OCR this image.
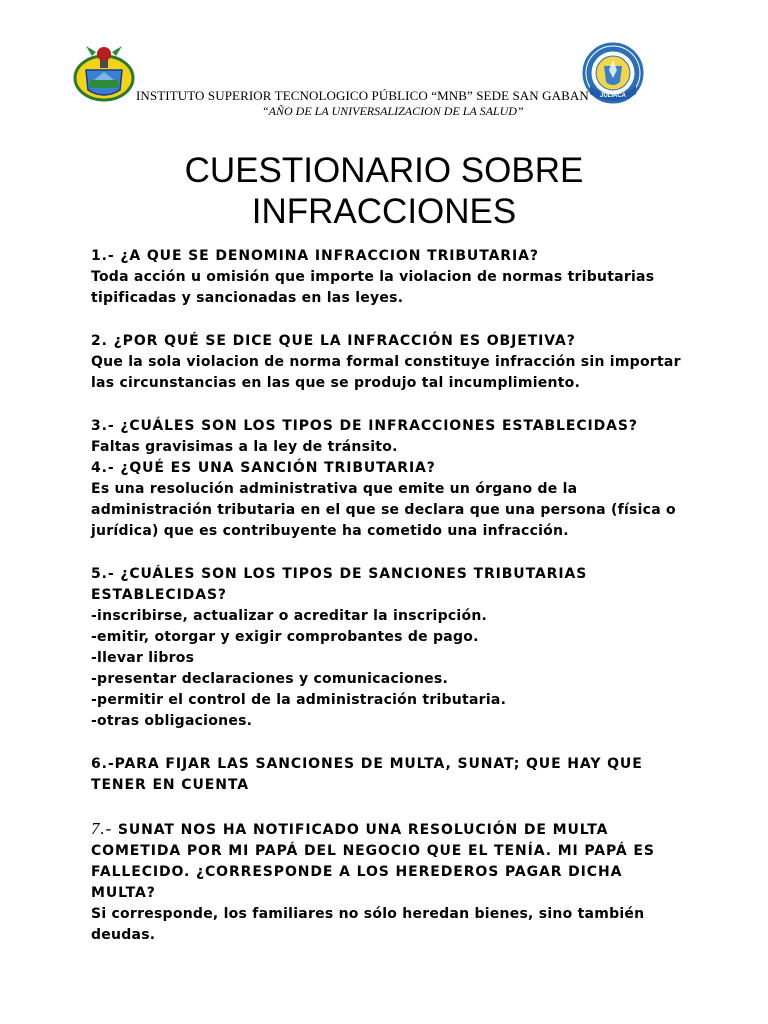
JULIACA
INSTITUTO SUPERIOR TECNOLOGICO PÚBLICO “MNB” SEDE SAN GABAN
“AÑO DE LA UNIVERSALIZACION DE LA SALUD”
CUESTIONARIO SOBRE
INFRACCIONES

1.- ¿A QUE SE DENOMINA INFRACCION TRIBUTARIA?

Toda acción u omisión que importe la violacion de normas tributarias

tipificadas y sancionadas en las leyes.

2. ¿POR QUÉ SE DICE QUE LA INFRACCIÓN ES OBJETIVA?

Que la sola violacion de norma formal constituye infracción sin importar

las circunstancias en las que se produjo tal incumplimiento.

3.- ¿CUÁLES SON LOS TIPOS DE INFRACCIONES ESTABLECIDAS?

Faltas gravisimas a la ley de tránsito.

4.- ¿QUÉ ES UNA SANCIÓN TRIBUTARIA?

Es una resolución administrativa que emite un órgano de la

administración tributaria en el que se declara que una persona (física o

jurídica) que es contribuyente ha cometido una infracción.

5.- ¿CUÁLES SON LOS TIPOS DE SANCIONES TRIBUTARIAS

ESTABLECIDAS?

-inscribirse, actualizar o acreditar la inscripción.

-emitir, otorgar y exigir comprobantes de pago.

-llevar libros

-presentar declaraciones y comunicaciones.

-permitir el control de la administración tributaria.

-otras obligaciones.

6.-PARA FIJAR LAS SANCIONES DE MULTA, SUNAT; QUE HAY QUE

TENER EN CUENTA

7.- SUNAT NOS HA NOTIFICADO UNA RESOLUCIÓN DE MULTA

COMETIDA POR MI PAPÁ DEL NEGOCIO QUE EL TENÍA. MI PAPÁ ES

FALLECIDO. ¿CORRESPONDE A LOS HEREDEROS PAGAR DICHA

MULTA?

Si corresponde, los familiares no sólo heredan bienes, sino también

deudas.
